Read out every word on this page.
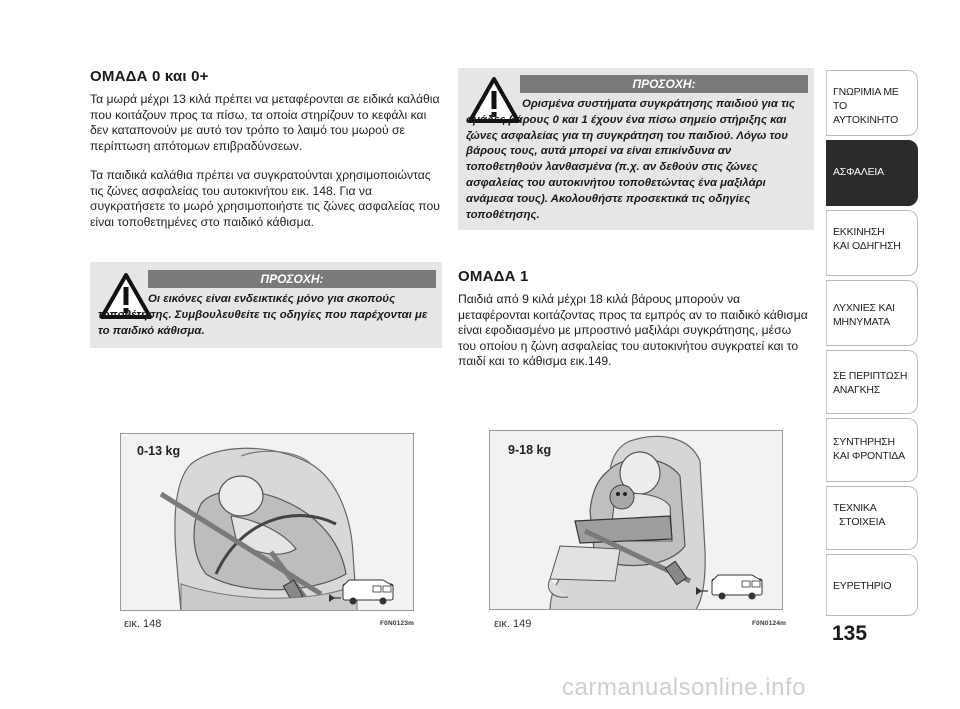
ΟΜΑΔΑ 0 και 0+

Τα μωρά μέχρι 13 κιλά πρέπει να μεταφέρονται σε ειδικά καλάθια που κοιτάζουν προς τα πίσω, τα οποία στηρίζουν το κεφάλι και δεν καταπονούν με αυτό τον τρόπο το λαιμό του μωρού σε περίπτωση απότομων επιβραδύνσεων.

Τα παιδικά καλάθια πρέπει να συγκρατούνται χρησιμοποιώντας τις ζώνες ασφαλείας του αυτοκινήτου εικ. 148. Για να συγκρατήσετε το μωρό χρησιμοποιήστε τις ζώνες ασφαλείας που είναι τοποθετημένες στο παιδικό κάθισμα.

ΠΡΟΣΟΧΗ:

Οι εικόνες είναι ενδεικτικές μόνο για σκοπούς τοποθέτησης. Συμβουλευθείτε τις οδηγίες που παρέχονται με το παιδικό κάθισμα.

ΠΡΟΣΟΧΗ:

Ορισμένα συστήματα συγκράτησης παιδιού για τις ομάδες βάρους 0 και 1 έχουν ένα πίσω σημείο στήριξης και ζώνες ασφαλείας για τη συγκράτηση του παιδιού. Λόγω του βάρους τους, αυτά μπορεί να είναι επικίνδυνα αν τοποθετηθούν λανθασμένα (π.χ. αν δεθούν στις ζώνες ασφαλείας του αυτοκινήτου τοποθετώντας ένα μαξιλάρι ανάμεσα τους). Ακολουθήστε προσεκτικά τις οδηγίες τοποθέτησης.

ΟΜΑΔΑ 1

Παιδιά από 9 κιλά μέχρι 18 κιλά βάρους μπορούν να μεταφέρονται κοιτάζοντας προς τα εμπρός αν το παιδικό κάθισμα είναι εφοδιασμένο με μπροστινό μαξιλάρι συγκράτησης, μέσω του οποίου η ζώνη ασφαλείας του αυτοκινήτου συγκρατεί και το παιδί και το κάθισμα εικ.149.

0-13 kg
εικ. 148	F0N0123m
9-18 kg
εικ. 149	F0N0124m
ΓΝΩΡΙΜΙΑ ΜΕ
ΤΟ ΑΥΤΟΚΙΝΗΤΟ
ΑΣΦΑΛΕΙΑ
ΕΚΚΙΝΗΣΗ
ΚΑΙ ΟΔΗΓΗΣΗ
ΛΥΧΝΙΕΣ ΚΑΙ
ΜΗΝΥΜΑΤΑ
ΣΕ ΠΕΡΙΠΤΩΣΗ
ΑΝΑΓΚΗΣ
ΣΥΝΤΗΡΗΣΗ
ΚΑΙ ΦΡΟΝΤΙΔΑ
ΤΕΧΝΙΚΑ
ΣΤΟΙΧΕΙΑ
ΕΥΡΕΤΗΡΙΟ
135
carmanualsonline.info
